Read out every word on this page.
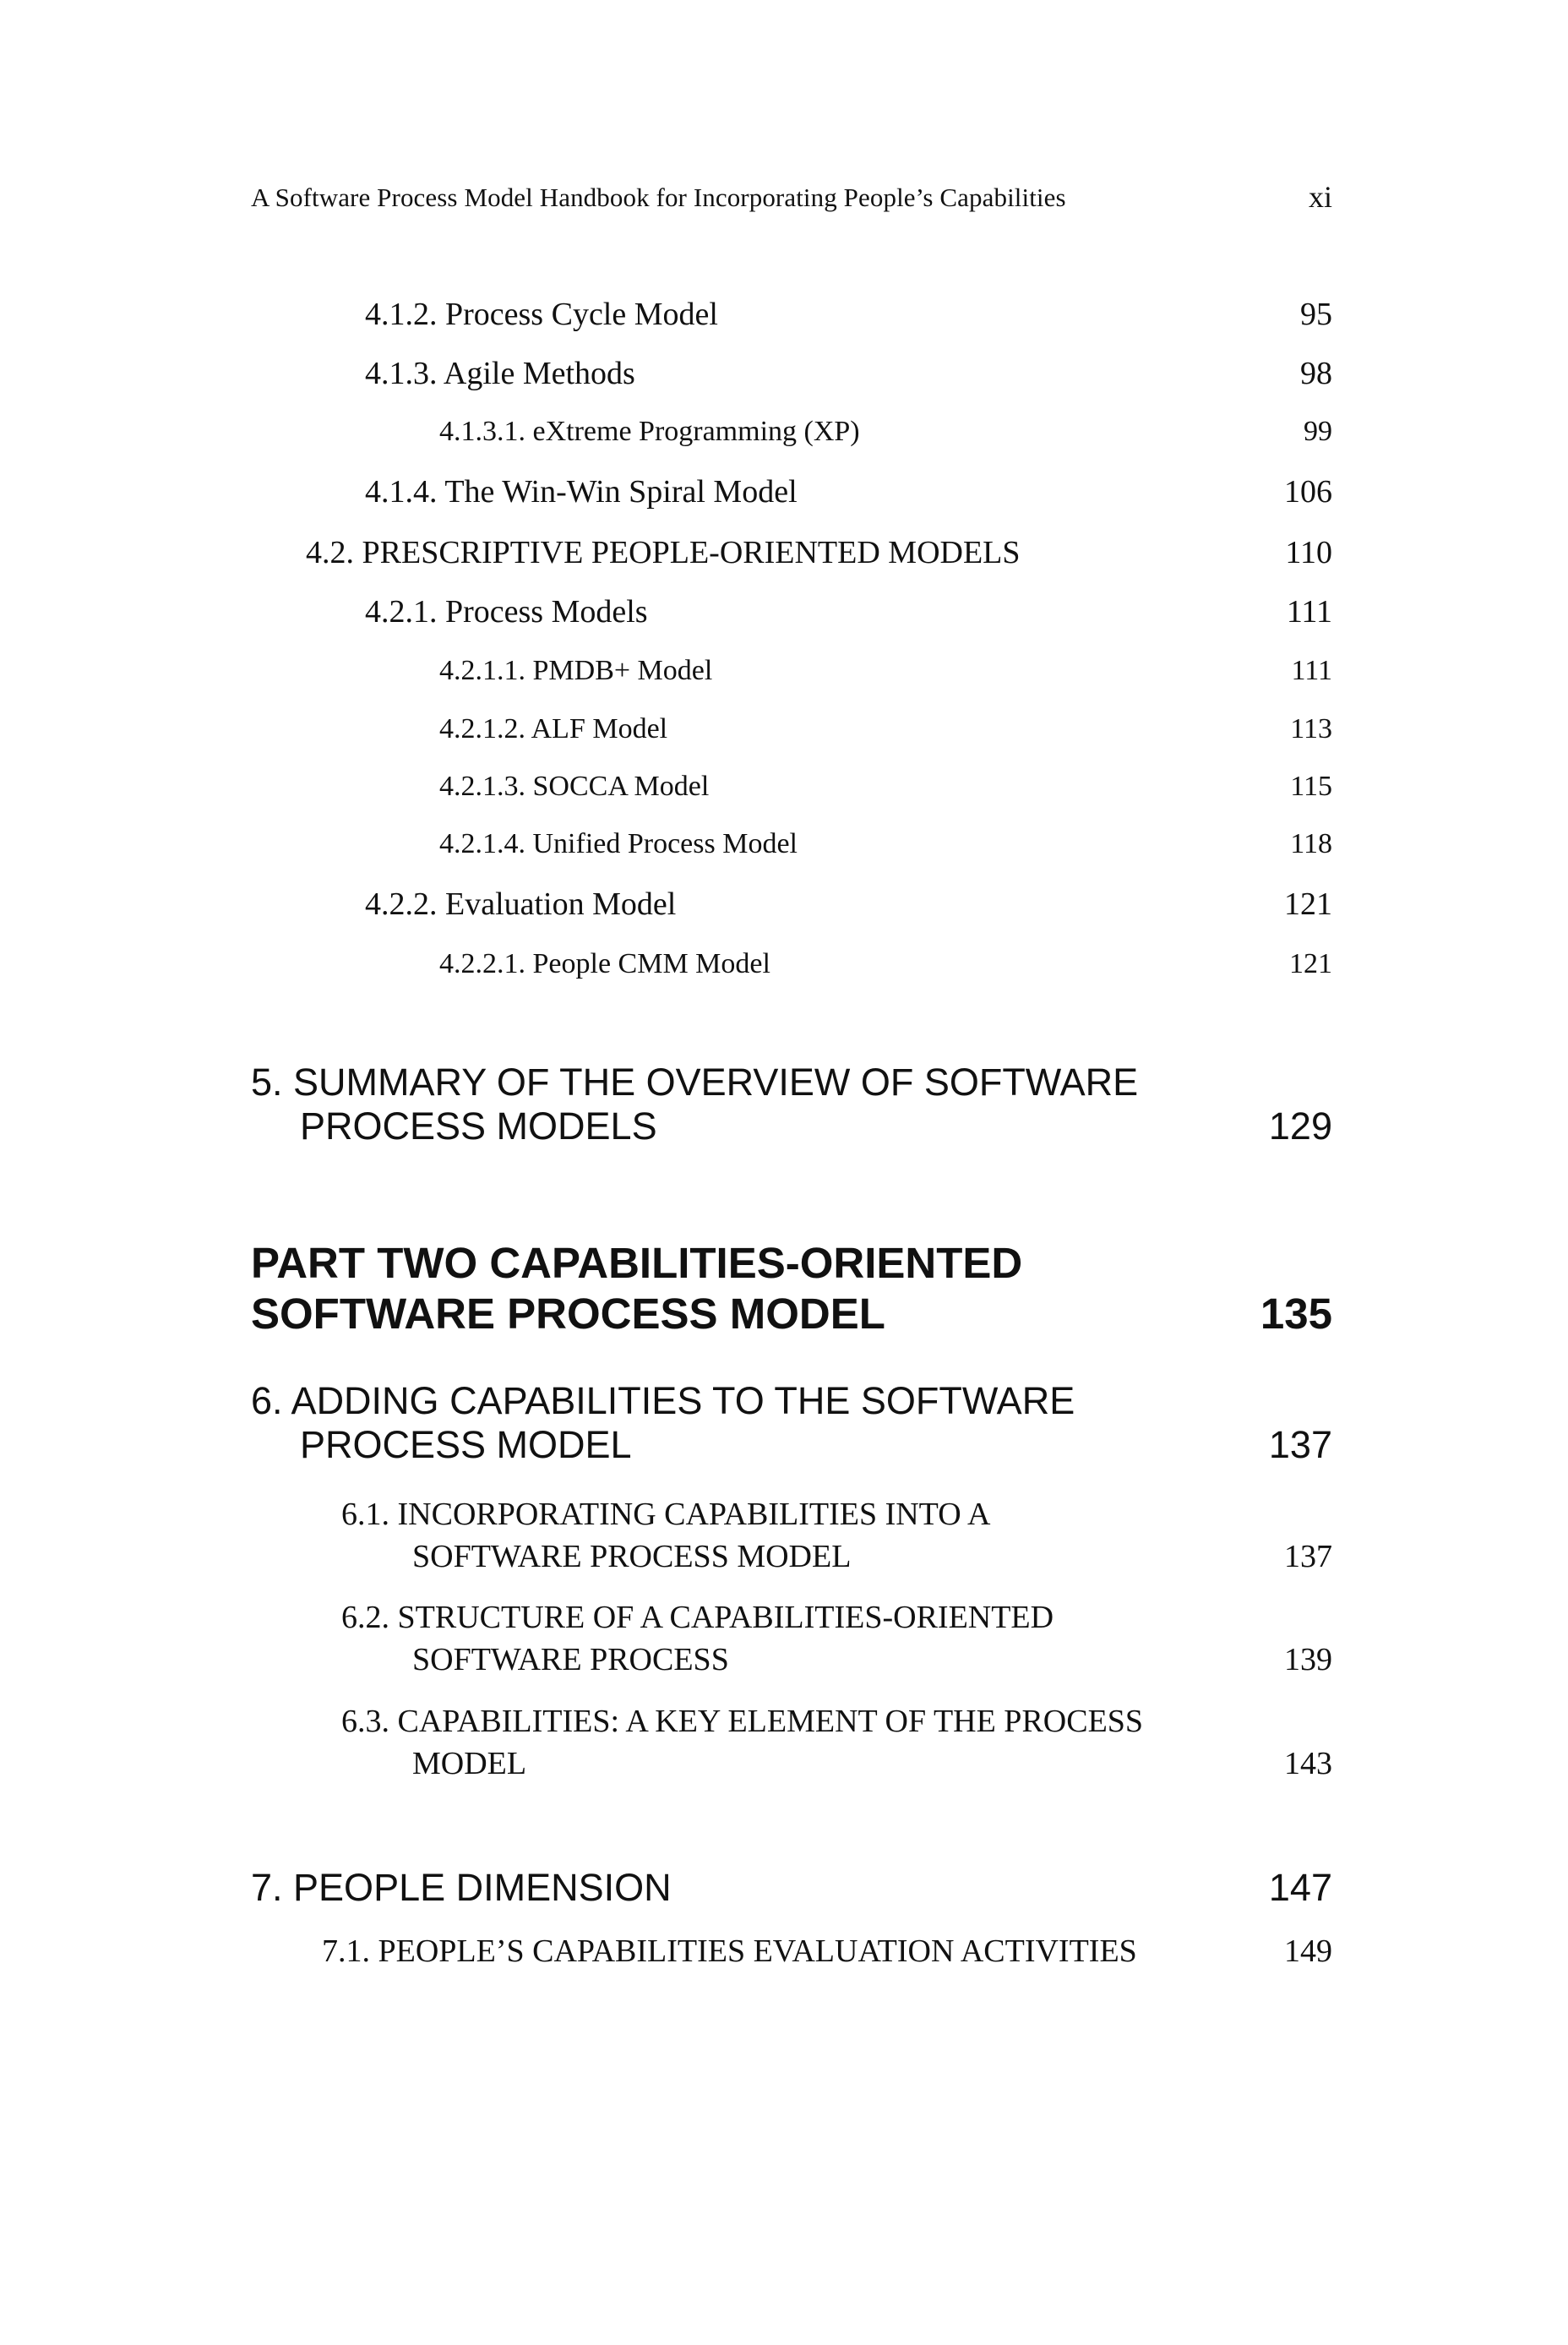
A Software Process Model Handbook for Incorporating People’s Capabilities	xi
4.1.2. Process Cycle Model	95
4.1.3. Agile Methods	98
4.1.3.1. eXtreme Programming (XP)	99
4.1.4. The Win-Win Spiral Model	106
4.2. PRESCRIPTIVE PEOPLE-ORIENTED MODELS	110
4.2.1. Process Models	111
4.2.1.1. PMDB+ Model	111
4.2.1.2. ALF Model	113
4.2.1.3. SOCCA Model	115
4.2.1.4. Unified Process Model	118
4.2.2. Evaluation Model	121
4.2.2.1. People CMM Model	121
5. SUMMARY OF THE OVERVIEW OF SOFTWARE
PROCESS MODELS	129
PART TWO CAPABILITIES-ORIENTED
SOFTWARE PROCESS MODEL	135
6. ADDING CAPABILITIES TO THE SOFTWARE
PROCESS MODEL	137
6.1. INCORPORATING CAPABILITIES INTO A
SOFTWARE PROCESS MODEL	137
6.2. STRUCTURE OF A CAPABILITIES-ORIENTED
SOFTWARE PROCESS	139
6.3. CAPABILITIES: A KEY ELEMENT OF THE PROCESS
MODEL	143
7. PEOPLE DIMENSION	147
7.1. PEOPLE’S CAPABILITIES EVALUATION ACTIVITIES	149
